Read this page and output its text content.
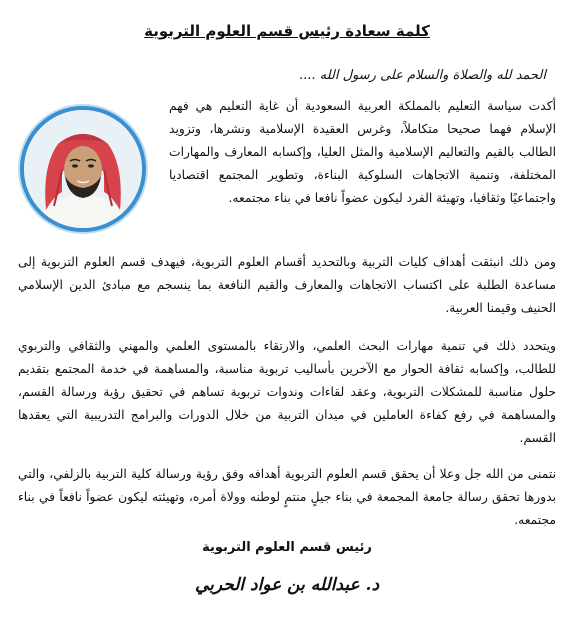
كلمة سعادة رئيس قسم العلوم التربوية
الحمد لله والصلاة والسلام على رسول الله ....

أكدت سياسة التعليم بالمملكة العربية السعودية أن غاية التعليم هي فهم الإسلام فهما صحيحا متكاملاً، وغرس العقيدة الإسلامية ونشرها، وتزويد الطالب بالقيم والتعاليم الإسلامية والمثل العليا، وإكسابه المعارف والمهارات المختلفة، وتنمية الاتجاهات السلوكية البناءة، وتطوير المجتمع اقتصاديا واجتماعيًا وثقافيا، وتهيئة الفرد ليكون عضواً نافعا في بناء مجتمعه.

ومن ذلك انبثقت أهداف كليات التربية وبالتحديد أقسام العلوم التربوية، فيهدف قسم العلوم التربوية إلى مساعدة الطلبة على اكتساب الاتجاهات والمعارف والقيم النافعة بما ينسجم مع مبادئ الدين الإسلامي الحنيف وقيمنا العربية.

ويتحدد ذلك في تنمية مهارات البحث العلمي، والارتقاء بالمستوى العلمي والمهني والثقافي والتربوي للطالب، وإكسابه ثقافة الحوار مع الآخرين بأساليب تربوية مناسبة، والمساهمة في خدمة المجتمع بتقديم حلول مناسبة للمشكلات التربوية، وعقد لقاءات وندوات تربوية تساهم في تحقيق رؤية ورسالة القسم، والمساهمة في رفع كفاءة العاملين في ميدان التربية من خلال الدورات والبرامج التدريبية التي يعقدها القسم.

نتمنى من الله جل وعلا أن يحقق قسم العلوم التربوية أهدافه وفق رؤية ورسالة كلية التربية بالزلفي، والتي بدورها تحقق رسالة جامعة المجمعة في بناء جيلٍ منتمٍ لوطنه وولاة أمره، وتهيئته ليكون عضواً نافعاً في بناء مجتمعه.

رئيس قسم العلوم التربوية
د. عبدالله بن عواد الحربي
